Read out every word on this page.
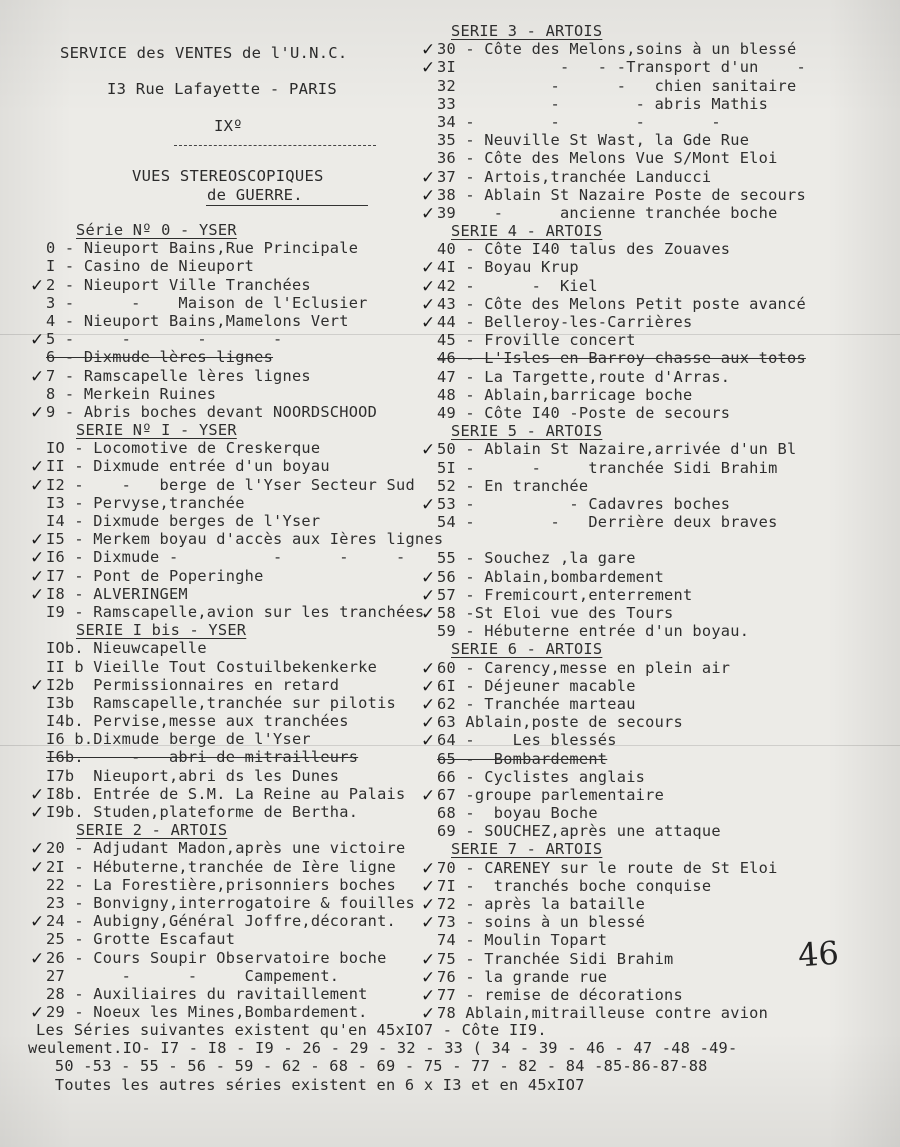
SERVICE des VENTES de l'U.N.C.
I3 Rue Lafayette - PARIS
IXº
VUES STEREOSCOPIQUES
de GUERRE.
Série Nº 0 - YSER
0 - Nieuport Bains,Rue Principale
I - Casino de Nieuport
✓2 - Nieuport Ville Tranchées
3 -      -    Maison de l'Eclusier
4 - Nieuport Bains,Mamelons Vert
✓5 -     -       -       -
6 - Dixmude lères lignes
✓7 - Ramscapelle lères lignes
8 - Merkein Ruines
✓9 - Abris boches devant NOORDSCHOOD
SERIE Nº I - YSER
IO - Locomotive de Creskerque
✓II - Dixmude entrée d'un boyau
✓I2 -    -   berge de l'Yser Secteur Sud
I3 - Pervyse,tranchée
I4 - Dixmude berges de l'Yser
✓I5 - Merkem boyau d'accès aux Ières lignes
✓I6 - Dixmude -          -      -     -
✓I7 - Pont de Poperinghe
✓I8 - ALVERINGEM
I9 - Ramscapelle,avion sur les tranchées
SERIE I bis - YSER
IOb. Nieuwcapelle
II b Vieille Tout Costuilbekenkerke
✓I2b  Permissionnaires en retard
I3b  Ramscapelle,tranchée sur pilotis
I4b. Pervise,messe aux tranchées
I6 b.Dixmude berge de l'Yser
I6b.     -   abri de mitrailleurs
I7b  Nieuport,abri ds les Dunes
✓I8b. Entrée de S.M. La Reine au Palais
✓I9b. Studen,plateforme de Bertha.
SERIE 2 - ARTOIS
✓20 - Adjudant Madon,après une victoire
✓2I - Hébuterne,tranchée de Ière ligne
22 - La Forestière,prisonniers boches
23 - Bonvigny,interrogatoire & fouilles
✓24 - Aubigny,Général Joffre,décorant.
25 - Grotte Escafaut
✓26 - Cours Soupir Observatoire boche
27      -      -     Campement.
28 - Auxiliaires du ravitaillement
✓29 - Noeux les Mines,Bombardement.
SERIE 3 - ARTOIS
✓30 - Côte des Melons,soins à un blessé
✓3I           -   - -Transport d'un    -
32          -      -   chien sanitaire
33          -        - abris Mathis
34 -        -        -       -
35 - Neuville St Wast, la Gde Rue
36 - Côte des Melons Vue S/Mont Eloi
✓37 - Artois,tranchée Landucci
✓38 - Ablain St Nazaire Poste de secours
✓39    -      ancienne tranchée boche
SERIE 4 - ARTOIS
40 - Côte I40 talus des Zouaves
✓4I - Boyau Krup
✓42 -      -  Kiel
✓43 - Côte des Melons Petit poste avancé
✓44 - Belleroy-les-Carrières
45 - Froville concert
46 - L'Isles en Barroy chasse aux totos
47 - La Targette,route d'Arras.
48 - Ablain,barricage boche
49 - Côte I40 -Poste de secours
SERIE 5 - ARTOIS
✓50 - Ablain St Nazaire,arrivée d'un Bl
5I -      -     tranchée Sidi Brahim
52 - En tranchée
✓53 -          - Cadavres boches
54 -        -   Derrière deux braves
55 - Souchez ,la gare
✓56 - Ablain,bombardement
✓57 - Fremicourt,enterrement
✓58 -St Eloi vue des Tours
59 - Hébuterne entrée d'un boyau.
SERIE 6 - ARTOIS
✓60 - Carency,messe en plein air
✓6I - Déjeuner macable
✓62 - Tranchée marteau
✓63 Ablain,poste de secours
✓64 -    Les blessés
65 -  Bombardement
66 - Cyclistes anglais
✓67 -groupe parlementaire
68 -  boyau Boche
69 - SOUCHEZ,après une attaque
SERIE 7 - ARTOIS
✓70 - CARENEY sur le route de St Eloi
✓7I -  tranchés boche conquise
✓72 - après la bataille
✓73 - soins à un blessé
74 - Moulin Topart
✓75 - Tranchée Sidi Brahim
✓76 - la grande rue
✓77 - remise de décorations
✓78 Ablain,mitrailleuse contre avion
Les Séries suivantes existent qu'en 45xIO7 - Côte II9.
weulement.IO- I7 - I8 - I9 - 26 - 29 - 32 - 33 ( 34 - 39 - 46 - 47 -48 -49-
50 -53 - 55 - 56 - 59 - 62 - 68 - 69 - 75 - 77 - 82 - 84 -85-86-87-88
Toutes les autres séries existent en 6 x I3 et en 45xIO7
46
